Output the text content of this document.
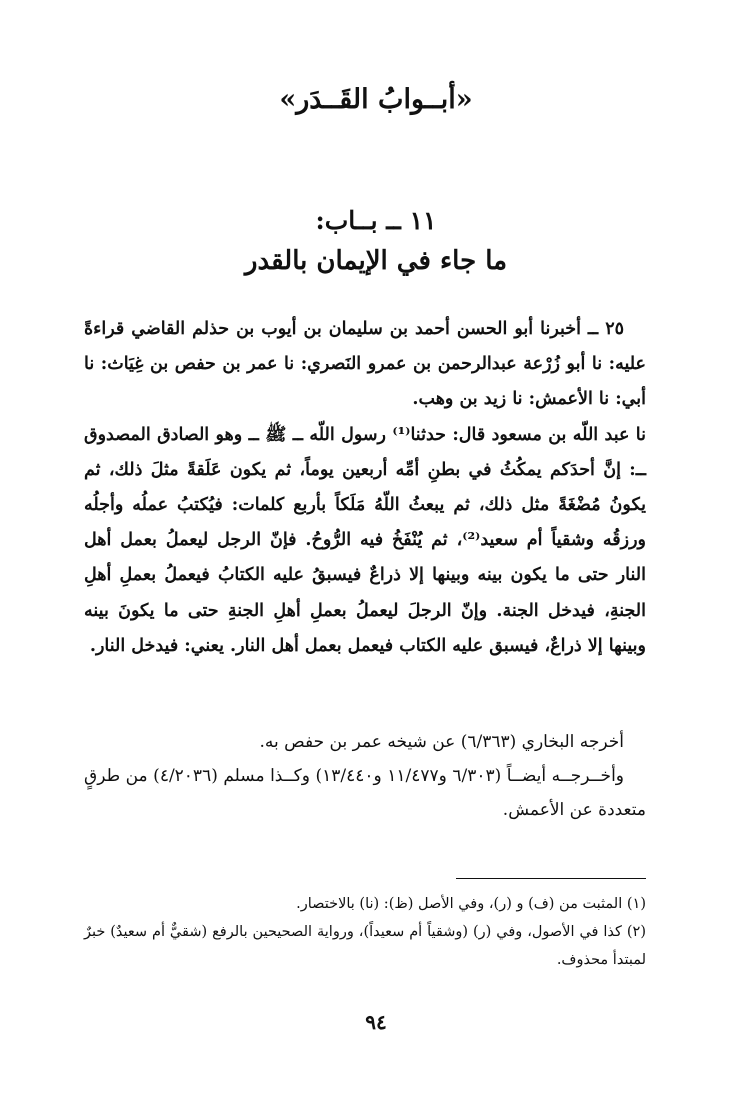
«أبــوابُ القَــدَر»
١١ ــ بــاب:
ما جاء في الإيمان بالقدر

٢٥ ــ أخبرنا أبو الحسن أحمد بن سليمان بن أيوب بن حذلم القاضي قراءةً عليه: نا أبو زُرْعة عبدالرحمن بن عمرو النَصري: نا عمر بن حفص بن غِيَاث: نا أبي: نا الأعمش: نا زيد بن وهب.

نا عبد اللّه بن مسعود قال: حدثنا⁽¹⁾ رسول اللّه ــ ﷺ ــ وهو الصادق المصدوق ــ: إنَّ أحدَكم يمكُثُ في بطنِ أمِّه أربعين يوماً، ثم يكون عَلَقةً مثلَ ذلك، ثم يكونُ مُضْغَةً مثل ذلك، ثم يبعثُ اللّهُ مَلَكاً بأربع كلمات: فيُكتبُ عملُه وأجلُه ورزقُه وشقياً أم سعيد⁽²⁾، ثم يُنْفَخُ فيه الرُّوحُ. فإنّ الرجل ليعملُ بعمل أهل النار حتى ما يكون بينه وبينها إلا ذراعٌ فيسبقُ عليه الكتابُ فيعملُ بعملِ أهلِ الجنةِ، فيدخل الجنة. وإنّ الرجلَ ليعملُ بعملِ أهلِ الجنةِ حتى ما يكونَ بينه وبينها إلا ذراعٌ، فيسبق عليه الكتاب فيعمل بعمل أهل النار. يعني: فيدخل النار.

أخرجه البخاري (٦/٣٦٣) عن شيخه عمر بن حفص به.

وأخــرجــه أيضــاً (٦/٣٠٣ و١١/٤٧٧ و١٣/٤٤٠) وكــذا مسلم (٤/٢٠٣٦) من طرقٍ متعددة عن الأعمش.

(١) المثبت من (ف) و (ر)، وفي الأصل (ظ): (نا) بالاختصار.

(٢) كذا في الأصول، وفي (ر) (وشقياً أم سعيداً)، ورواية الصحيحين بالرفع (شقيٌّ أم سعيدٌ) خبرٌ لمبتدأ محذوف.

٩٤
